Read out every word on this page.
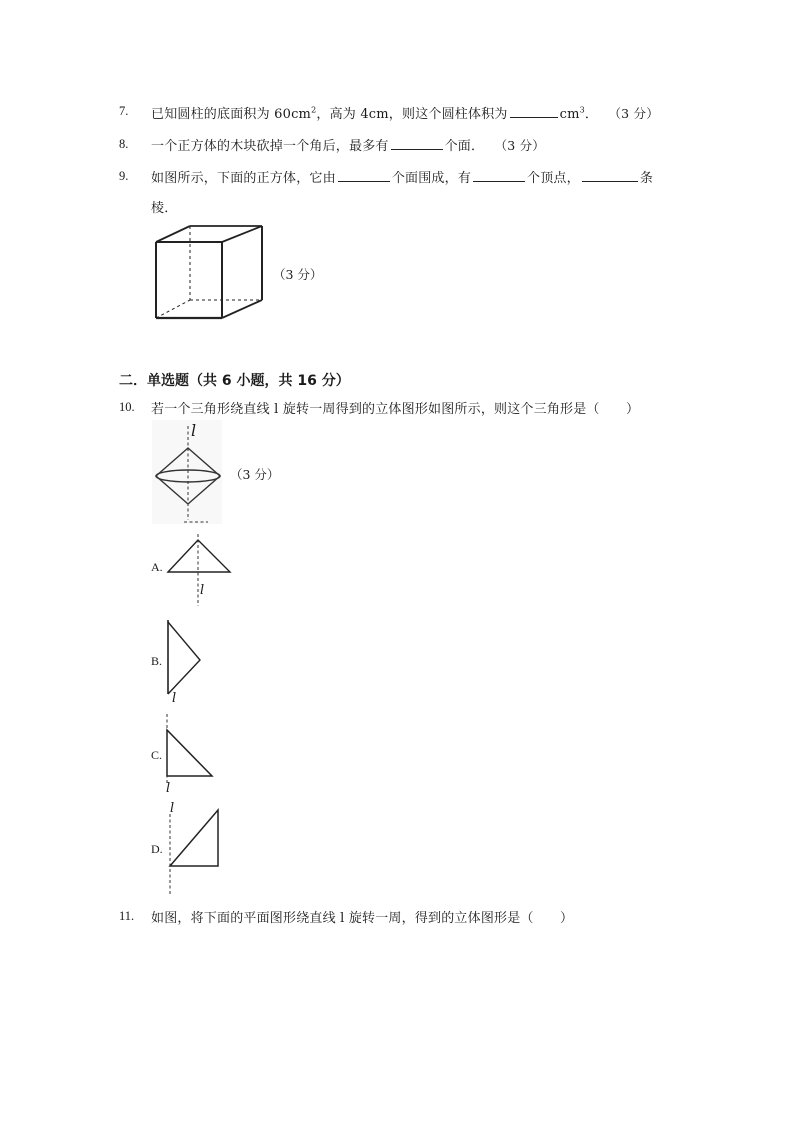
7. 已知圆柱的底面积为 $60cm^2$，高为 4cm，则这个圆柱体积为	$cm^3$． （3 分）
8. 一个正方体的木块砍掉一个角后，最多有	个面． （3 分）
9. 如图所示，下面的正方体，它由	个面围成，有	个顶点，	条
棱．
（3 分）
二．单选题（共 6 小题，共 16 分）
10. 若一个三角形绕直线 l 旋转一周得到的立体图形如图所示，则这个三角形是（　　）
l
（3 分）
A.
l
B.
l
C.
l
l
D.
11. 如图，将下面的平面图形绕直线 l 旋转一周，得到的立体图形是（　　）
